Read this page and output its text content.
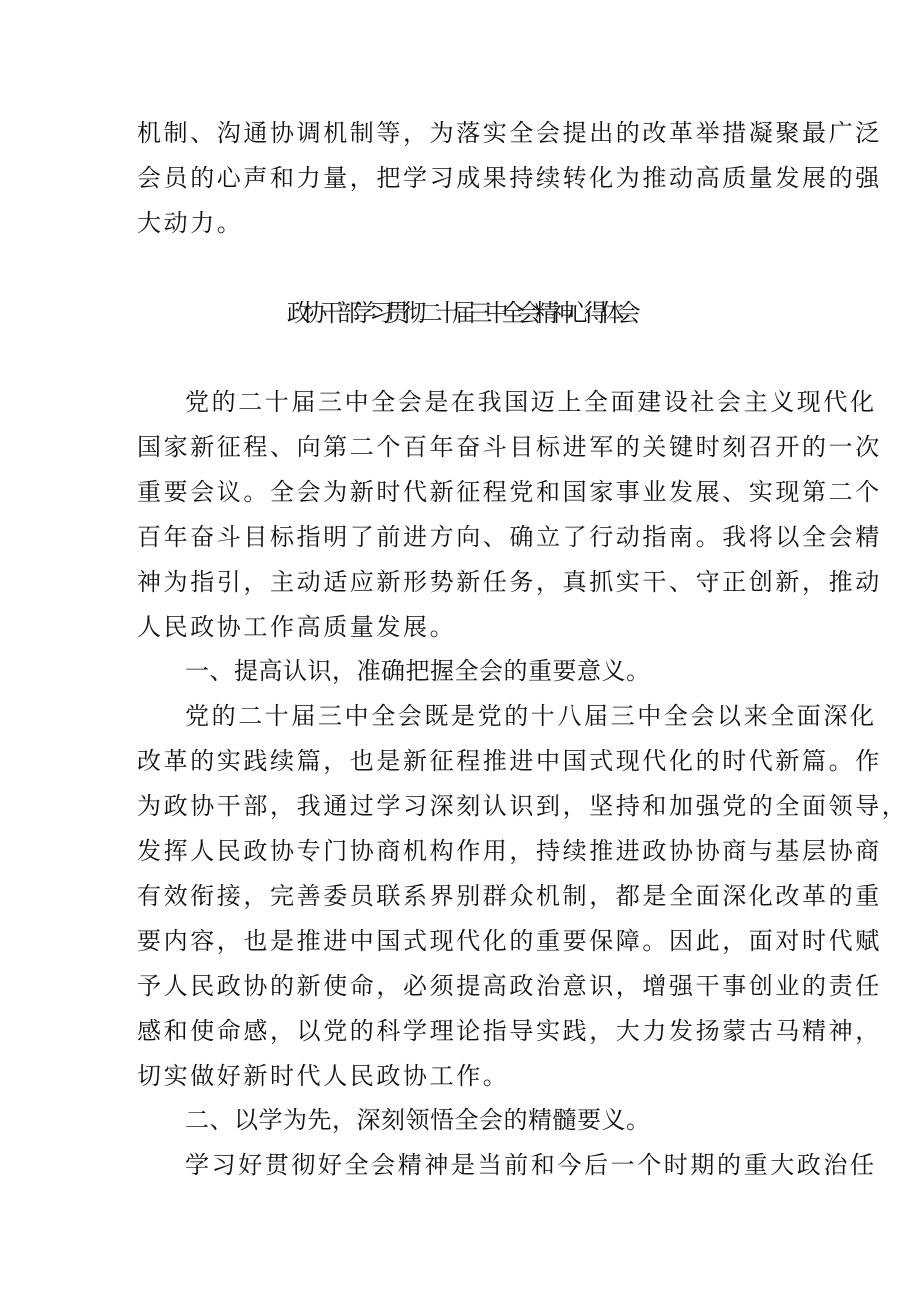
机制、沟通协调机制等，为落实全会提出的改革举措凝聚最广泛
会员的心声和力量，把学习成果持续转化为推动高质量发展的强
大动力。
政协干部学习贯彻二十届三中全会精神心得体会
党的二十届三中全会是在我国迈上全面建设社会主义现代化
国家新征程、向第二个百年奋斗目标进军的关键时刻召开的一次
重要会议。全会为新时代新征程党和国家事业发展、实现第二个
百年奋斗目标指明了前进方向、确立了行动指南。我将以全会精
神为指引，主动适应新形势新任务，真抓实干、守正创新，推动
人民政协工作高质量发展。
一、提高认识，准确把握全会的重要意义。
党的二十届三中全会既是党的十八届三中全会以来全面深化
改革的实践续篇，也是新征程推进中国式现代化的时代新篇。作
为政协干部，我通过学习深刻认识到，坚持和加强党的全面领导，
发挥人民政协专门协商机构作用，持续推进政协协商与基层协商
有效衔接，完善委员联系界别群众机制，都是全面深化改革的重
要内容，也是推进中国式现代化的重要保障。因此，面对时代赋
予人民政协的新使命，必须提高政治意识，增强干事创业的责任
感和使命感，以党的科学理论指导实践，大力发扬蒙古马精神，
切实做好新时代人民政协工作。
二、以学为先，深刻领悟全会的精髓要义。
学习好贯彻好全会精神是当前和今后一个时期的重大政治任
